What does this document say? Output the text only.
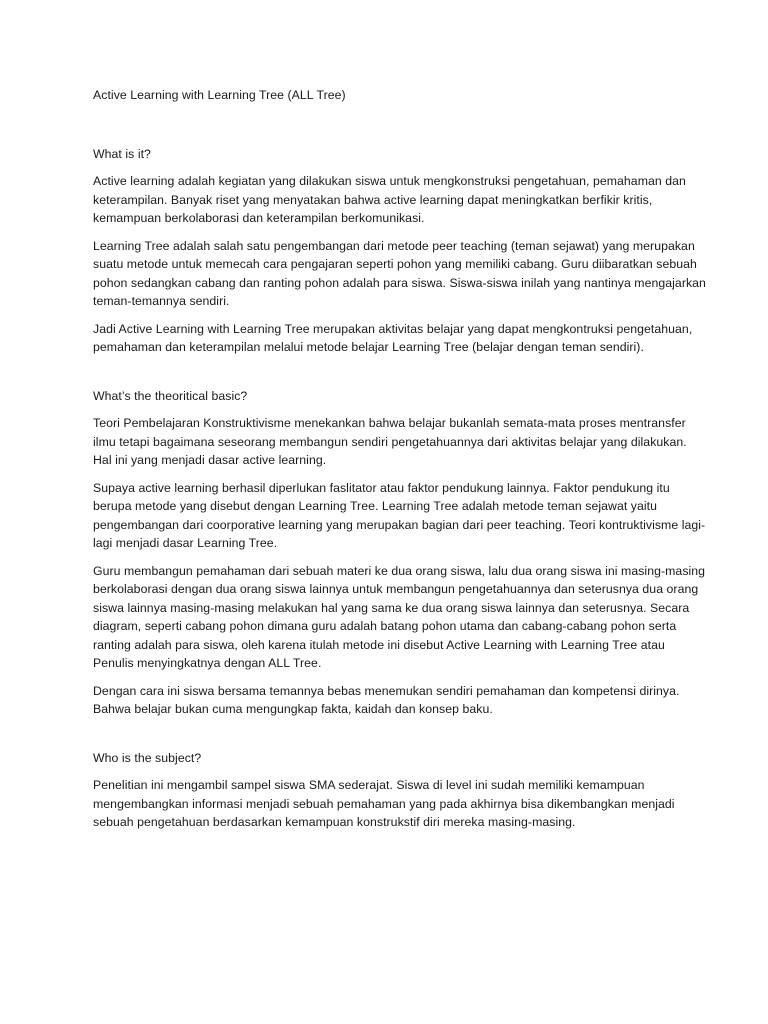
Active Learning with Learning Tree (ALL Tree)

What is it?

Active learning adalah kegiatan yang dilakukan siswa untuk mengkonstruksi pengetahuan, pemahaman dan keterampilan. Banyak riset yang menyatakan bahwa active learning dapat meningkatkan berfikir kritis, kemampuan berkolaborasi dan keterampilan berkomunikasi.

Learning Tree adalah salah satu pengembangan dari metode peer teaching (teman sejawat) yang merupakan suatu metode untuk memecah cara pengajaran seperti pohon yang memiliki cabang. Guru diibaratkan sebuah pohon sedangkan cabang dan ranting pohon adalah para siswa. Siswa-siswa inilah yang nantinya mengajarkan teman-temannya sendiri.

Jadi Active Learning with Learning Tree merupakan aktivitas belajar yang dapat mengkontruksi pengetahuan, pemahaman dan keterampilan melalui metode belajar Learning Tree (belajar dengan teman sendiri).

What’s the theoritical basic?

Teori Pembelajaran Konstruktivisme menekankan bahwa belajar bukanlah semata-mata proses mentransfer ilmu tetapi bagaimana seseorang membangun sendiri pengetahuannya dari aktivitas belajar yang dilakukan. Hal ini yang menjadi dasar active learning.

Supaya active learning berhasil diperlukan faslitator atau faktor pendukung lainnya. Faktor pendukung itu berupa metode yang disebut dengan Learning Tree. Learning Tree adalah metode teman sejawat yaitu pengembangan dari coorporative learning yang merupakan bagian dari peer teaching. Teori kontruktivisme lagi-lagi menjadi dasar Learning Tree.

Guru membangun pemahaman dari sebuah materi ke dua orang siswa, lalu dua orang siswa ini masing-masing berkolaborasi dengan dua orang siswa lainnya untuk membangun pengetahuannya dan seterusnya dua orang siswa lainnya masing-masing melakukan hal yang sama ke dua orang siswa lainnya dan seterusnya. Secara diagram, seperti cabang pohon dimana guru adalah batang pohon utama dan cabang-cabang pohon serta ranting adalah para siswa, oleh karena itulah metode ini disebut Active Learning with Learning Tree atau Penulis menyingkatnya dengan ALL Tree.

Dengan cara ini siswa bersama temannya bebas menemukan sendiri pemahaman dan kompetensi dirinya. Bahwa belajar bukan cuma mengungkap fakta, kaidah dan konsep baku.

Who is the subject?

Penelitian ini mengambil sampel siswa SMA sederajat. Siswa di level ini sudah memiliki kemampuan mengembangkan informasi menjadi sebuah pemahaman yang pada akhirnya bisa dikembangkan menjadi sebuah pengetahuan berdasarkan kemampuan konstrukstif diri mereka masing-masing.
